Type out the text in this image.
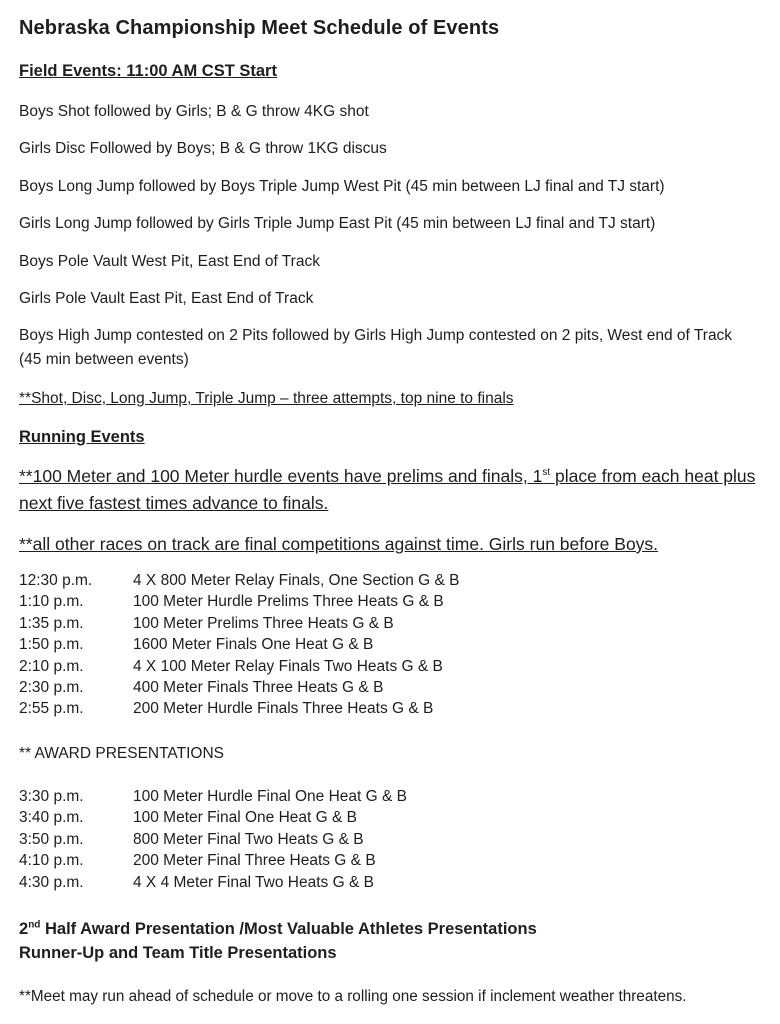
Nebraska Championship Meet Schedule of Events
Field Events: 11:00 AM CST Start
Boys Shot followed by Girls; B & G throw 4KG shot
Girls Disc Followed by Boys; B & G throw 1KG discus
Boys Long Jump followed by Boys Triple Jump West Pit (45 min between LJ final and TJ start)
Girls Long Jump followed by Girls Triple Jump East Pit (45 min between LJ final and TJ start)
Boys Pole Vault West Pit, East End of Track
Girls Pole Vault East Pit, East End of Track
Boys High Jump contested on 2 Pits followed by Girls High Jump contested on 2 pits, West end of Track (45 min between events)
**Shot, Disc, Long Jump, Triple Jump – three attempts, top nine to finals
Running Events
**100 Meter and 100 Meter hurdle events have prelims and finals, 1st place from each heat plus next five fastest times advance to finals.
**all other races on track are final competitions against time. Girls run before Boys.
12:30 p.m.	4 X 800 Meter Relay Finals, One Section G & B
1:10 p.m.	100 Meter Hurdle Prelims Three Heats G & B
1:35 p.m.	100 Meter Prelims Three Heats G & B
1:50 p.m.	1600 Meter Finals One Heat G & B
2:10 p.m.	4 X 100 Meter Relay Finals Two Heats G & B
2:30 p.m.	400 Meter Finals Three Heats G & B
2:55 p.m.	200 Meter Hurdle Finals Three Heats G & B
** AWARD PRESENTATIONS
3:30 p.m.	100 Meter Hurdle Final One Heat G & B
3:40 p.m.	100 Meter Final One Heat G & B
3:50 p.m.	800 Meter Final Two Heats G & B
4:10 p.m.	200 Meter Final Three Heats G & B
4:30 p.m.	4 X 4 Meter Final Two Heats G & B
2nd Half Award Presentation /Most Valuable Athletes Presentations
Runner-Up and Team Title Presentations
**Meet may run ahead of schedule or move to a rolling one session if inclement weather threatens.
